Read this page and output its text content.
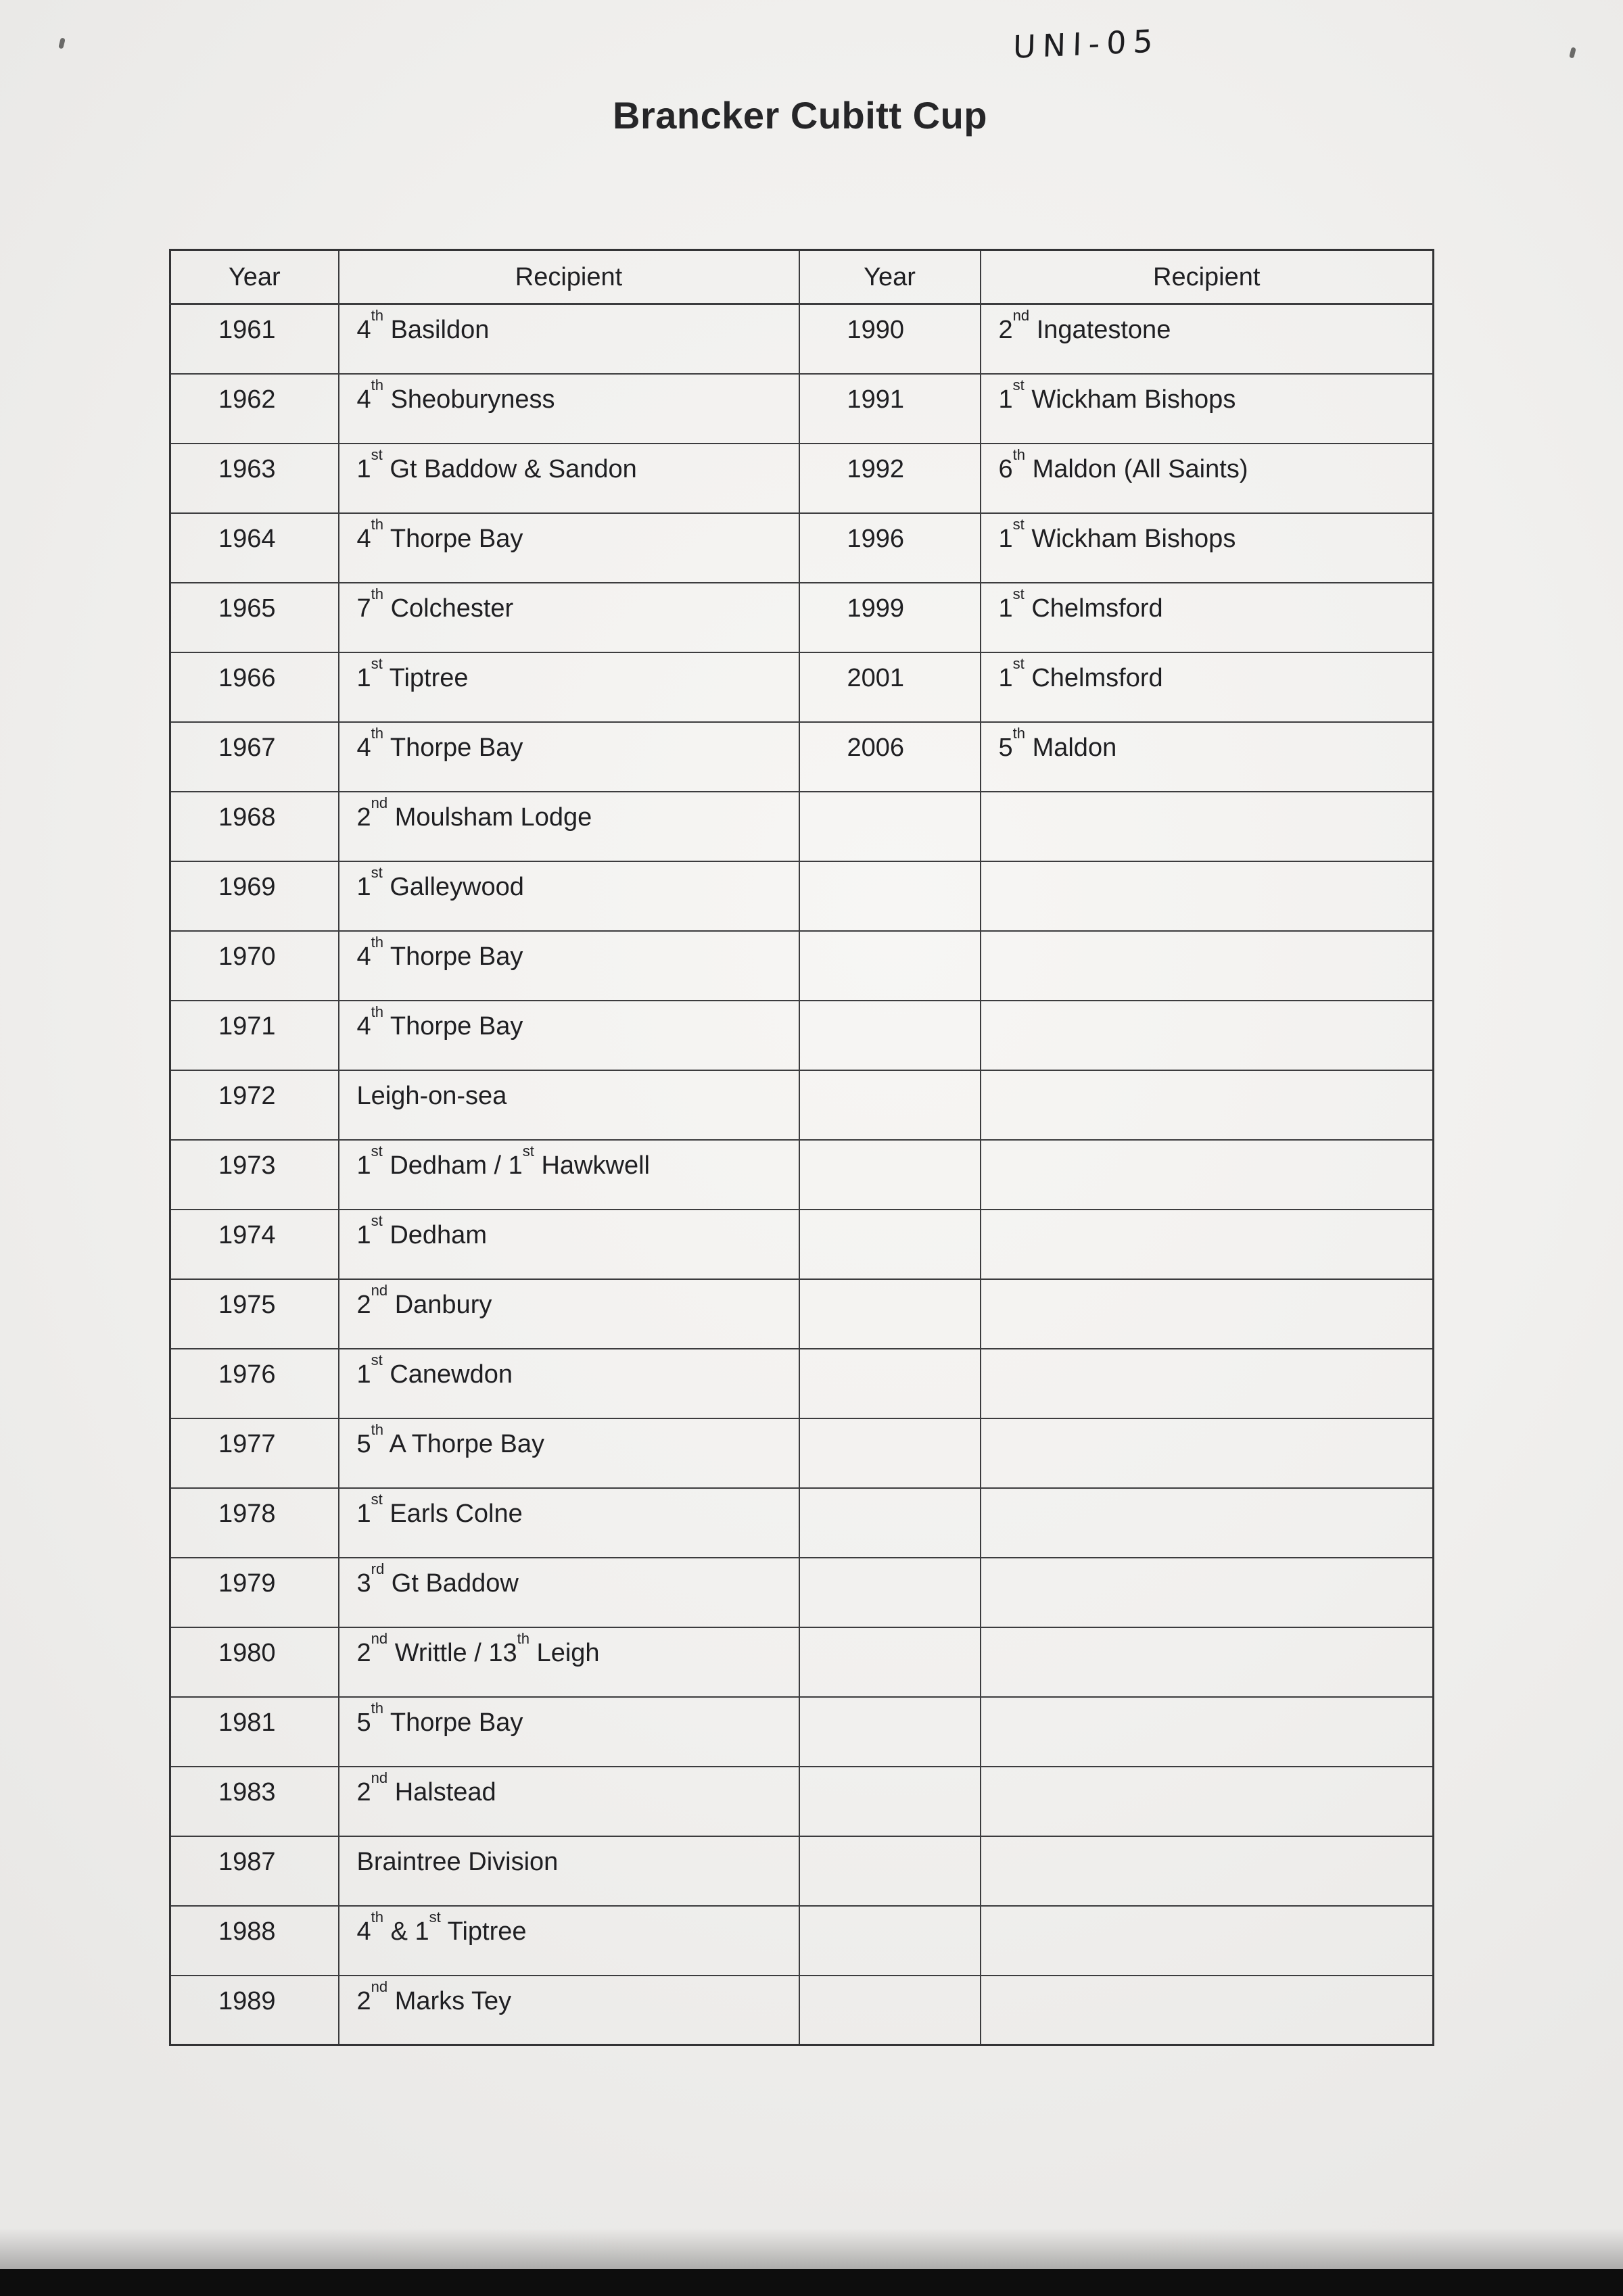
UNI-05
Brancker Cubitt Cup
Year	Recipient	Year	Recipient
1961	4th Basildon	1990	2nd Ingatestone
1962	4th Sheoburyness	1991	1st Wickham Bishops
1963	1st Gt Baddow & Sandon	1992	6th Maldon (All Saints)
1964	4th Thorpe Bay	1996	1st Wickham Bishops
1965	7th Colchester	1999	1st Chelmsford
1966	1st Tiptree	2001	1st Chelmsford
1967	4th Thorpe Bay	2006	5th Maldon
1968	2nd Moulsham Lodge		
1969	1st Galleywood		
1970	4th Thorpe Bay		
1971	4th Thorpe Bay		
1972	Leigh-on-sea		
1973	1st Dedham / 1st Hawkwell		
1974	1st Dedham		
1975	2nd Danbury		
1976	1st Canewdon		
1977	5th A Thorpe Bay		
1978	1st Earls Colne		
1979	3rd Gt Baddow		
1980	2nd Writtle / 13th Leigh		
1981	5th Thorpe Bay		
1983	2nd Halstead		
1987	Braintree Division		
1988	4th & 1st Tiptree		
1989	2nd Marks Tey		
